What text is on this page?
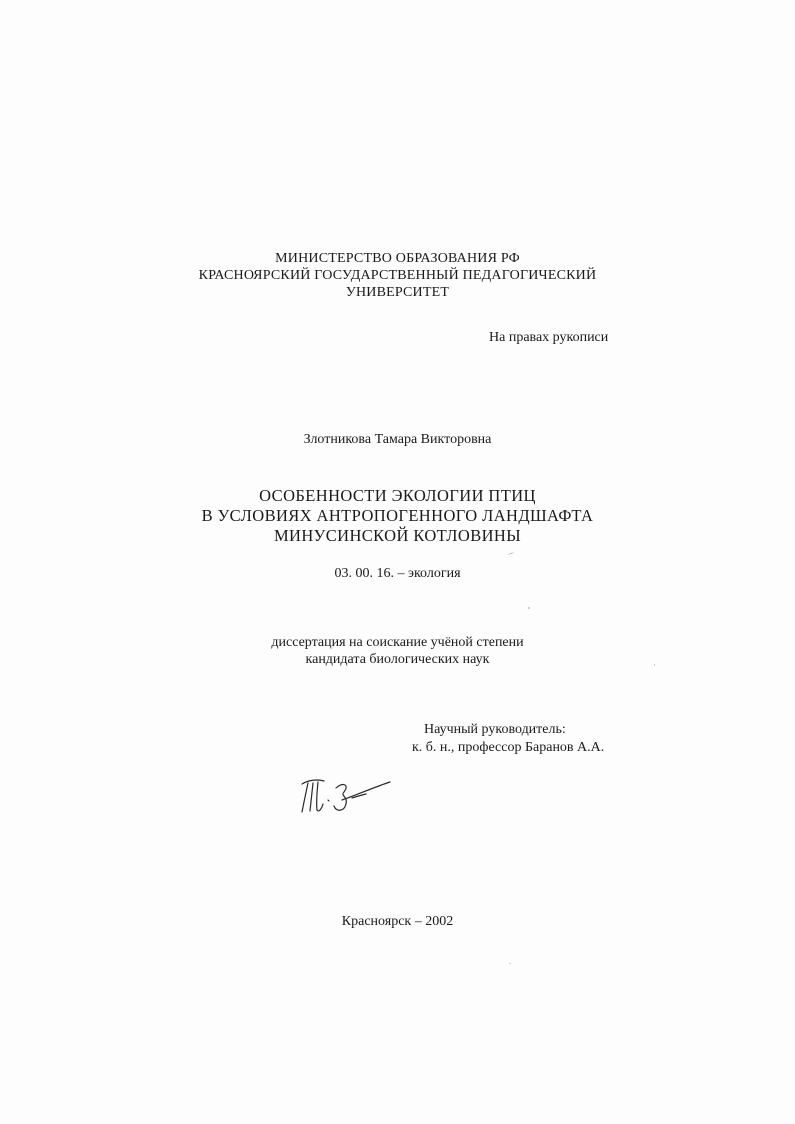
МИНИСТЕРСТВО ОБРАЗОВАНИЯ РФ
КРАСНОЯРСКИЙ ГОСУДАРСТВЕННЫЙ ПЕДАГОГИЧЕСКИЙ
УНИВЕРСИТЕТ
На правах рукописи
Злотникова Тамара Викторовна
ОСОБЕННОСТИ ЭКОЛОГИИ ПТИЦ
В УСЛОВИЯХ АНТРОПОГЕННОГО ЛАНДШАФТА
МИНУСИНСКОЙ КОТЛОВИНЫ
03. 00. 16. – экология
диссертация на соискание учёной степени
кандидата биологических наук
Научный руководитель:
к. б. н., профессор Баранов А.А.
Красноярск – 2002
